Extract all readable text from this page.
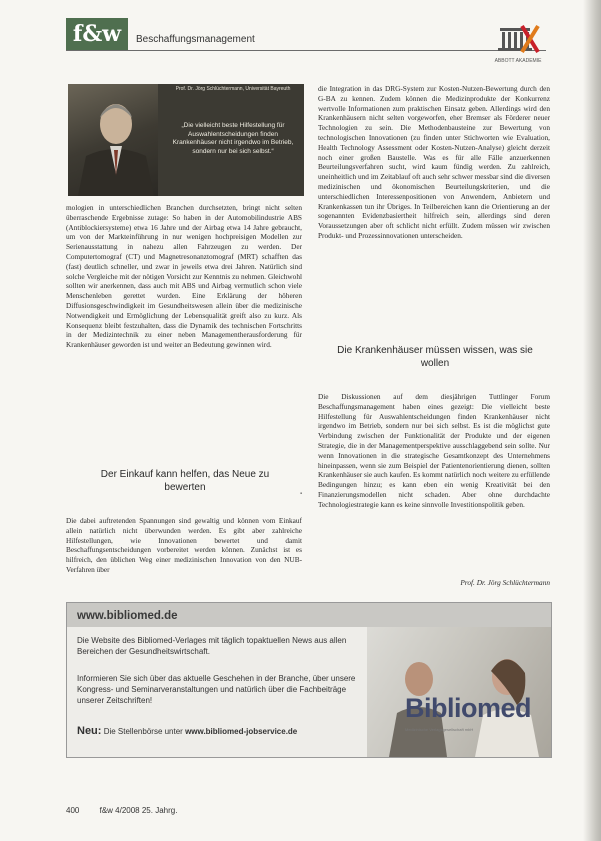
f&w	Beschaffungsmanagement
ABBOTT AKADEMIE
Prof. Dr. Jörg Schlüchtermann, Universität Bayreuth
„Die vielleicht beste Hilfestellung für Auswahlentscheidungen finden Krankenhäuser nicht irgendwo im Betrieb, sondern nur bei sich selbst.“

mologien in unterschiedlichen Branchen durchsetzten, bringt nicht selten überraschende Ergebnisse zutage: So haben in der Automobilindustrie ABS (Antiblockiersysteme) etwa 16 Jahre und der Airbag etwa 14 Jahre gebraucht, um von der Markteinführung in nur wenigen hochpreisigen Modellen zur Serienausstattung in nahezu allen Fahrzeugen zu werden. Der Computertomograf (CT) und Magnetresonanztomograf (MRT) schafften das (fast) deutlich schneller, und zwar in jeweils etwa drei Jahren. Natürlich sind solche Vergleiche mit der nötigen Vorsicht zur Kenntnis zu nehmen. Gleichwohl sollten wir anerkennen, dass auch mit ABS und Airbag vermutlich schon viele Menschenleben gerettet wurden. Eine Erklärung der höheren Diffusionsgeschwindigkeit im Gesundheitswesen allein über die medizinische Notwendigkeit und Ermöglichung der Lebensqualität greift also zu kurz. Als Konsequenz bleibt festzuhalten, dass die Dynamik des technischen Fortschritts in der Medizintechnik zu einer neben Managementherausforderung für Krankenhäuser geworden ist und weiter an Bedeutung gewinnen wird.

Der Einkauf kann helfen, das Neue zu bewerten
▪

Die dabei auftretenden Spannungen sind gewaltig und können vom Einkauf allein natürlich nicht überwunden werden. Es gibt aber zahlreiche Hilfestellungen, wie Innovationen bewertet und damit Beschaffungsentscheidungen vorbereitet werden können. Zunächst ist es hilfreich, den üblichen Weg einer medizinischen Innovation von den NUB-Verfahren über

die Integration in das DRG-System zur Kosten-Nutzen-Bewertung durch den G-BA zu kennen. Zudem können die Medizinprodukte der Konkurrenz wertvolle Informationen zum praktischen Einsatz geben. Allerdings wird den Krankenhäusern nicht selten vorgeworfen, eher Bremser als Förderer neuer Technologien zu sein. Die Methodenbausteine zur Bewertung von technologischen Innovationen (zu finden unter Stichworten wie Evaluation, Health Technology Assessment oder Kosten-Nutzen-Analyse) gleicht derzeit noch einer großen Baustelle. Was es für alle Fälle anzuerkennen Beurteilungsverfahren sucht, wird kaum fündig werden. Zu zahlreich, uneinheitlich und im Zeitablauf oft auch sehr schwer messbar sind die diversen medizinischen und ökonomischen Beurteilungskriterien, und die unterschiedlichen Interessenpositionen von Anwendern, Anbietern und Krankenkassen tun ihr Übriges. In Teilbereichen kann die Orientierung an der sogenannten Evidenzbasiertheit hilfreich sein, allerdings sind deren Voraussetzungen aber oft schlicht nicht erfüllt. Zudem müssen wir zwischen Produkt- und Prozessinnovationen unterscheiden.

Die Krankenhäuser müssen wissen, was sie wollen

Die Diskussionen auf dem diesjährigen Tuttlinger Forum Beschaffungsmanagement haben eines gezeigt: Die vielleicht beste Hilfestellung für Auswahlentscheidungen finden Krankenhäuser nicht irgendwo im Betrieb, sondern nur bei sich selbst. Es ist die möglichst gute Verbindung zwischen der Funktionalität der Produkte und der eigenen Strategie, die in der Managementperspektive ausschlaggebend sein sollte. Nur wenn Innovationen in die strategische Gesamtkonzept des Unternehmens hineinpassen, wenn sie zum Beispiel der Patientenorientierung dienen, sollten Krankenhäuser sie auch kaufen. Es kommt natürlich noch weitere zu erfüllende Bedingungen hinzu; es kann eben ein wenig Kreativität bei den Finanzierungsmodellen nicht schaden. Aber ohne durchdachte Technologiestrategie kann es keine sinnvolle Investitionspolitik geben.

Prof. Dr. Jörg Schlüchtermann
www.bibliomed.de
Die Website des Bibliomed-Verlages mit täglich topaktuellen News aus allen Bereichen der Gesundheitswirtschaft.
Informieren Sie sich über das aktuelle Geschehen in der Branche, über unsere Kongress- und Seminarveranstaltungen und natürlich über die Fachbeiträge unserer Zeitschriften!
Neu: Die Stellenbörse unter www.bibliomed-jobservice.de
Bibliomed
Medizinische Verlagsgesellschaft mbH
400	f&w 4/2008 25. Jahrg.
